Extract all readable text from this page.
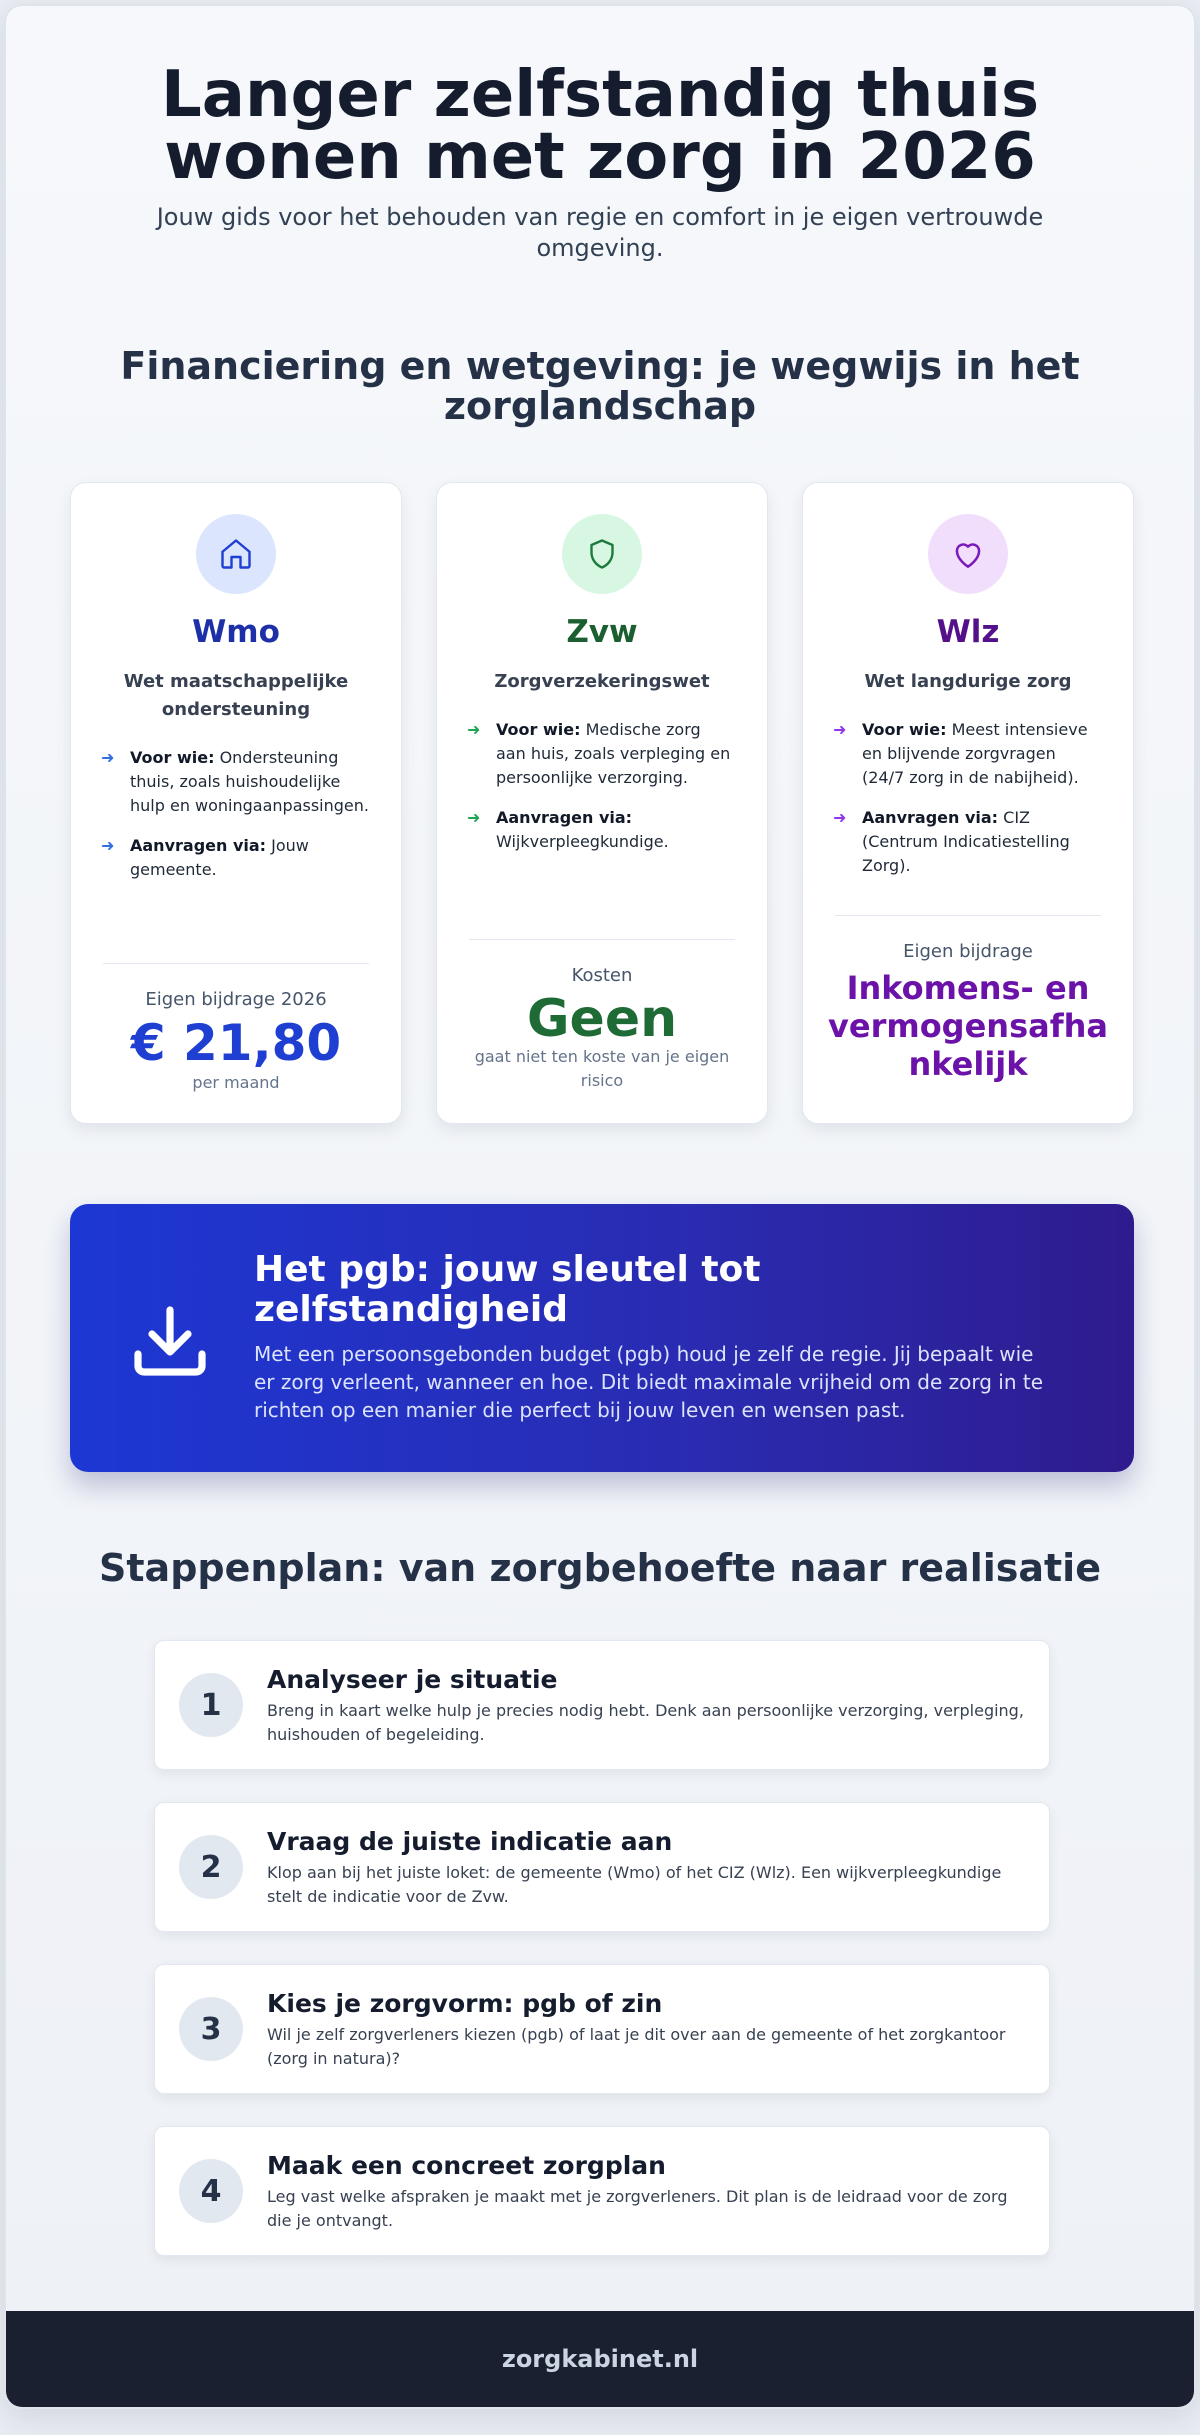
Langer zelfstandig thuis wonen met zorg in 2026

Jouw gids voor het behouden van regie en comfort in je eigen vertrouwde omgeving.

Financiering en wetgeving: je wegwijs in het zorglandschap
Wmo
Wet maatschappelijke ondersteuning
➜ Voor wie: Ondersteuning thuis, zoals huishoudelijke hulp en woningaanpassingen.
➜ Aanvragen via: Jouw gemeente.
Eigen bijdrage 2026
€ 21,80
per maand
Zvw
Zorgverzekeringswet
➜ Voor wie: Medische zorg aan huis, zoals verpleging en persoonlijke verzorging.
➜ Aanvragen via: Wijkverpleegkundige.
Kosten
Geen
gaat niet ten koste van je eigen risico
Wlz
Wet langdurige zorg
➜ Voor wie: Meest intensieve en blijvende zorgvragen (24/7 zorg in de nabijheid).
➜ Aanvragen via: CIZ (Centrum Indicatiestelling Zorg).
Eigen bijdrage
Inkomens- en vermogensafhankelijk
Het pgb: jouw sleutel tot zelfstandigheid

Met een persoonsgebonden budget (pgb) houd je zelf de regie. Jij bepaalt wie er zorg verleent, wanneer en hoe. Dit biedt maximale vrijheid om de zorg in te richten op een manier die perfect bij jouw leven en wensen past.

Stappenplan: van zorgbehoefte naar realisatie
1
Analyseer je situatie

Breng in kaart welke hulp je precies nodig hebt. Denk aan persoonlijke verzorging, verpleging, huishouden of begeleiding.

2
Vraag de juiste indicatie aan

Klop aan bij het juiste loket: de gemeente (Wmo) of het CIZ (Wlz). Een wijkverpleegkundige stelt de indicatie voor de Zvw.

3
Kies je zorgvorm: pgb of zin

Wil je zelf zorgverleners kiezen (pgb) of laat je dit over aan de gemeente of het zorgkantoor (zorg in natura)?

4
Maak een concreet zorgplan

Leg vast welke afspraken je maakt met je zorgverleners. Dit plan is de leidraad voor de zorg die je ontvangt.

zorgkabinet.nl
